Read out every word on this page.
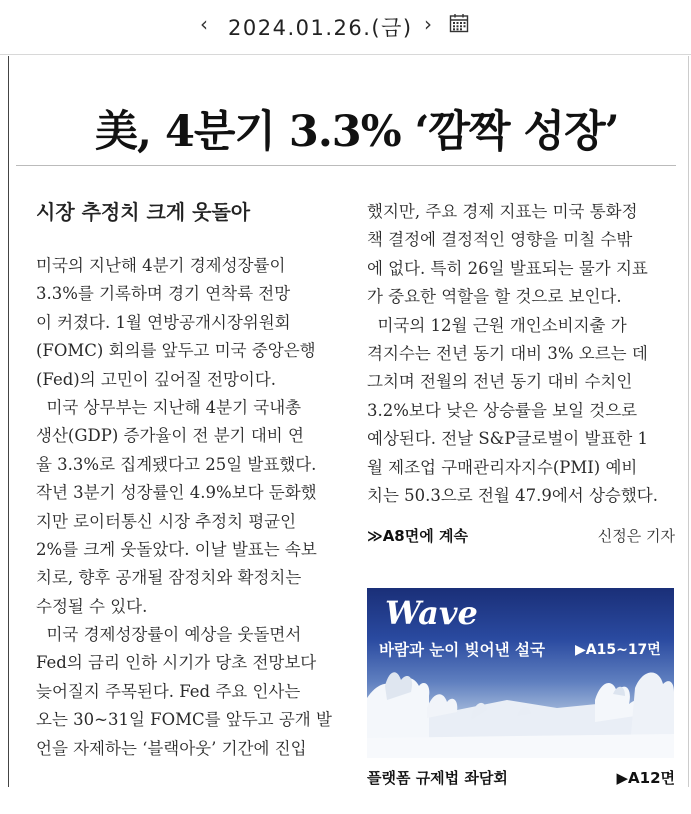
‹ 2024.01.26.(금) ›
美, 4분기 3.3% ‘깜짝 성장’
시장 추정치 크게 웃돌아
미국의 지난해 4분기 경제성장률이
3.3%를 기록하며 경기 연착륙 전망
이 커졌다. 1월 연방공개시장위원회
(FOMC) 회의를 앞두고 미국 중앙은행
(Fed)의 고민이 깊어질 전망이다.
미국 상무부는 지난해 4분기 국내총
생산(GDP) 증가율이 전 분기 대비 연
율 3.3%로 집계됐다고 25일 발표했다.
작년 3분기 성장률인 4.9%보다 둔화했
지만 로이터통신 시장 추정치 평균인
2%를 크게 웃돌았다. 이날 발표는 속보
치로, 향후 공개될 잠정치와 확정치는
수정될 수 있다.
미국 경제성장률이 예상을 웃돌면서
Fed의 금리 인하 시기가 당초 전망보다
늦어질지 주목된다. Fed 주요 인사는
오는 30~31일 FOMC를 앞두고 공개 발
언을 자제하는 ‘블랙아웃’ 기간에 진입
했지만, 주요 경제 지표는 미국 통화정
책 결정에 결정적인 영향을 미칠 수밖
에 없다. 특히 26일 발표되는 물가 지표
가 중요한 역할을 할 것으로 보인다.
미국의 12월 근원 개인소비지출 가
격지수는 전년 동기 대비 3% 오르는 데
그치며 전월의 전년 동기 대비 수치인
3.2%보다 낮은 상승률을 보일 것으로
예상된다. 전날 S&P글로벌이 발표한 1
월 제조업 구매관리자지수(PMI) 예비
치는 50.3으로 전월 47.9에서 상승했다.
≫A8면에 계속	신정은 기자
Wave
바람과 눈이 빚어낸 설국 ▶A15~17면
플랫폼 규제법 좌담회	▶A12면
